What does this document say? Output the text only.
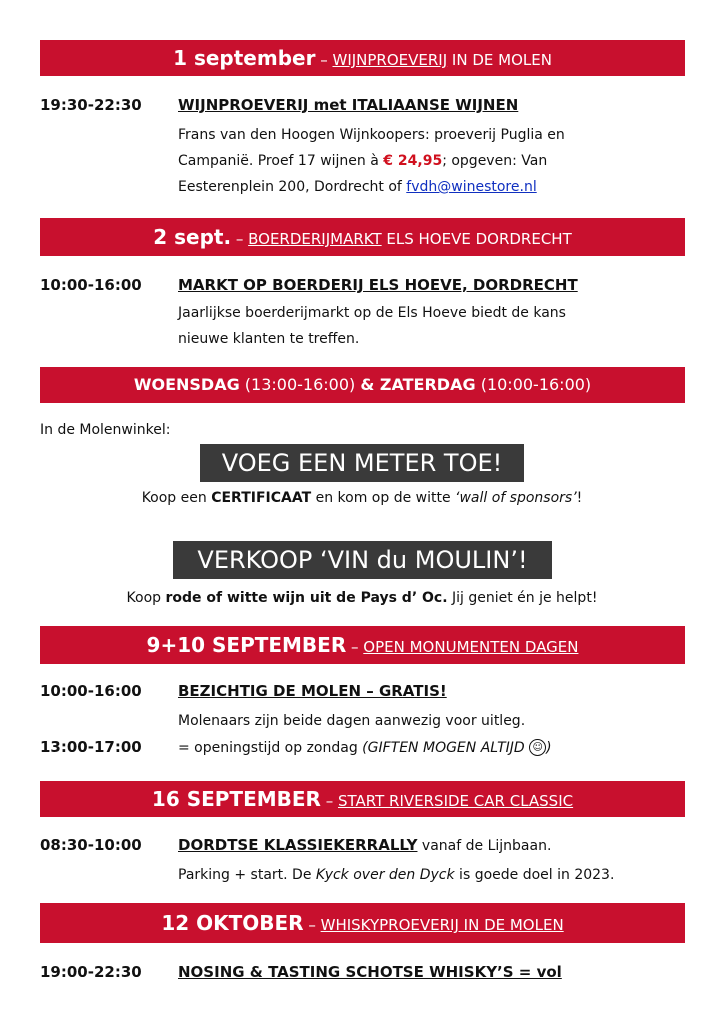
1 september – WIJNPROEVERIJ IN DE MOLEN
19:30-22:30 WIJNPROEVERIJ met ITALIAANSE WIJNEN
Frans van den Hoogen Wijnkoopers: proeverij Puglia en
Campanië. Proef 17 wijnen à € 24,95; opgeven: Van
Eesterenplein 200, Dordrecht of fvdh@winestore.nl
2 sept. – BOERDERIJMARKT ELS HOEVE DORDRECHT
10:00-16:00 MARKT OP BOERDERIJ ELS HOEVE, DORDRECHT
Jaarlijkse boerderijmarkt op de Els Hoeve biedt de kans
nieuwe klanten te treffen.
WOENSDAG (13:00-16:00) & ZATERDAG (10:00-16:00)
In de Molenwinkel:
VOEG EEN METER TOE!
Koop een CERTIFICAAT en kom op de witte ‘wall of sponsors’!
VERKOOP ‘VIN du MOULIN’!
Koop rode of witte wijn uit de Pays d’ Oc. Jij geniet én je helpt!
9+10 SEPTEMBER – OPEN MONUMENTEN DAGEN
10:00-16:00 BEZICHTIG DE MOLEN – GRATIS!
Molenaars zijn beide dagen aanwezig voor uitleg.
13:00-17:00	= openingstijd op zondag (GIFTEN MOGEN ALTIJD ☺ )
16 SEPTEMBER – START RIVERSIDE CAR CLASSIC
08:30-10:00 DORDTSE KLASSIEKERRALLY vanaf de Lijnbaan.
Parking + start. De Kyck over den Dyck is goede doel in 2023.
12 OKTOBER – WHISKYPROEVERIJ IN DE MOLEN
19:00-22:30 NOSING & TASTING SCHOTSE WHISKY’S = vol
